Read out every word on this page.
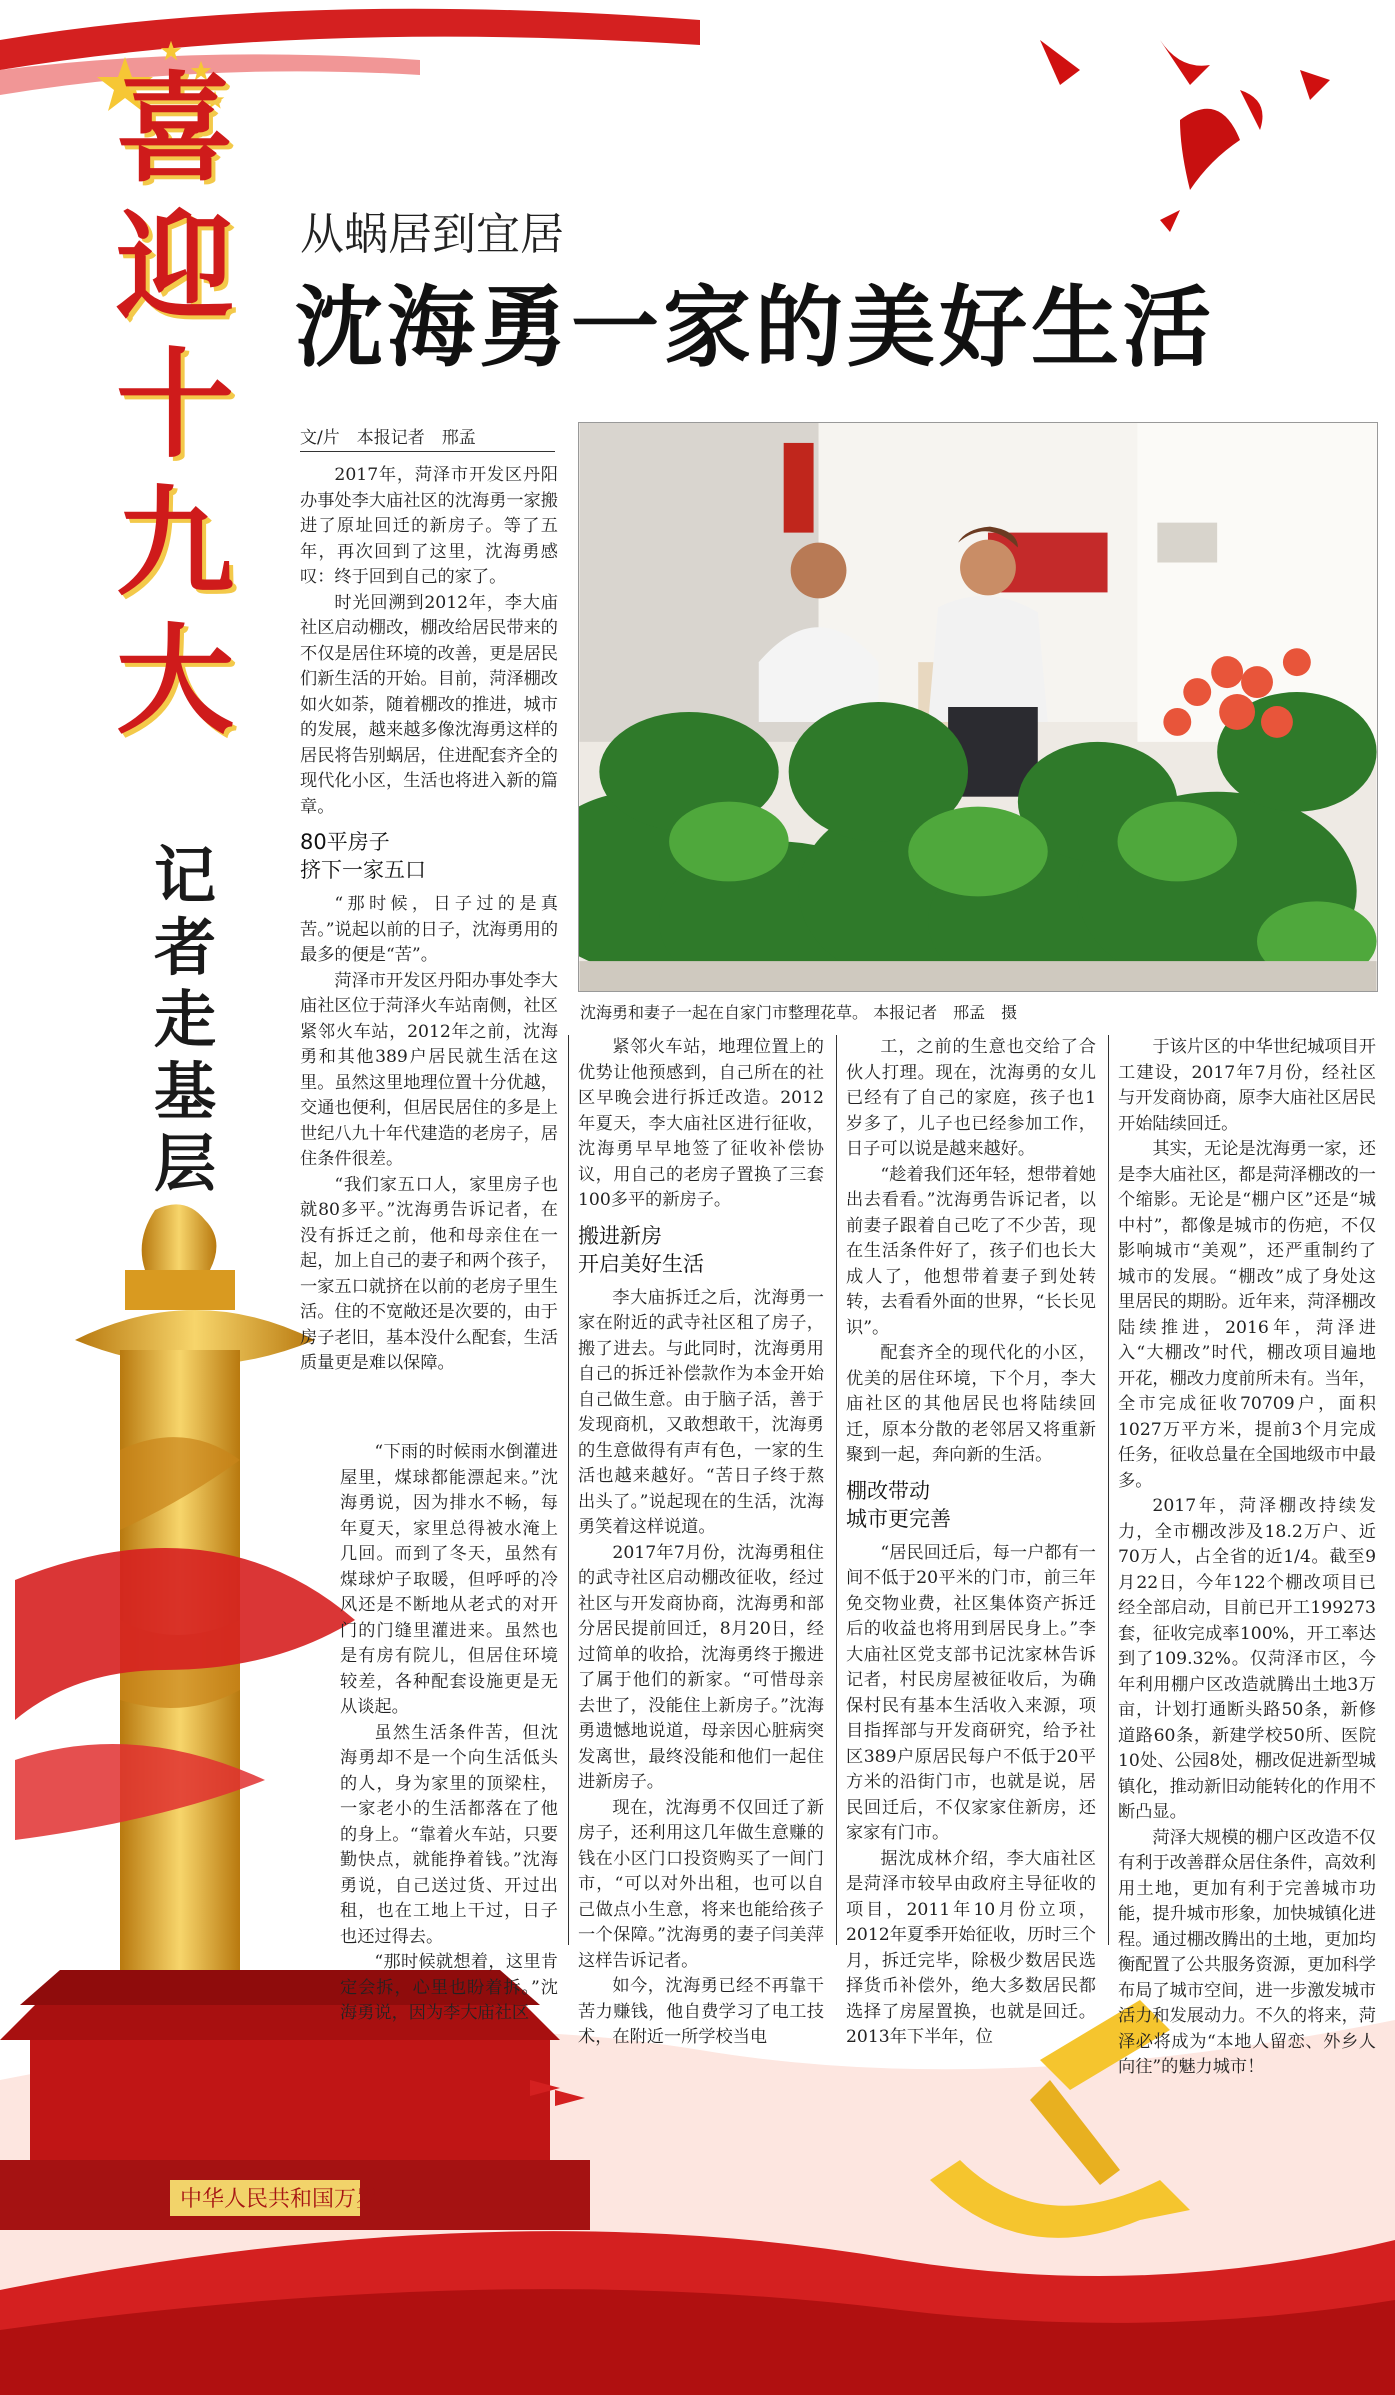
喜
迎
十
九
大
记
者
走
基
层
中华人民共和国万岁
从蜗居到宜居
沈海勇一家的美好生活
文/片　本报记者　邢孟
沈海勇和妻子一起在自家门市整理花草。 本报记者　邢孟　摄

2017年，菏泽市开发区丹阳办事处李大庙社区的沈海勇一家搬进了原址回迁的新房子。等了五年，再次回到了这里，沈海勇感叹：终于回到自己的家了。

时光回溯到2012年，李大庙社区启动棚改，棚改给居民带来的不仅是居住环境的改善，更是居民们新生活的开始。目前，菏泽棚改如火如荼，随着棚改的推进，城市的发展，越来越多像沈海勇这样的居民将告别蜗居，住进配套齐全的现代化小区，生活也将进入新的篇章。

80平房子
挤下一家五口

“那时候，日子过的是真苦。”说起以前的日子，沈海勇用的最多的便是“苦”。

菏泽市开发区丹阳办事处李大庙社区位于菏泽火车站南侧，社区紧邻火车站，2012年之前，沈海勇和其他389户居民就生活在这里。虽然这里地理位置十分优越，交通也便利，但居民居住的多是上世纪八九十年代建造的老房子，居住条件很差。

“我们家五口人，家里房子也就80多平。”沈海勇告诉记者，在没有拆迁之前，他和母亲住在一起，加上自己的妻子和两个孩子，一家五口就挤在以前的老房子里生活。住的不宽敞还是次要的，由于房子老旧，基本没什么配套，生活质量更是难以保障。

“下雨的时候雨水倒灌进屋里，煤球都能漂起来。”沈海勇说，因为排水不畅，每年夏天，家里总得被水淹上几回。而到了冬天，虽然有煤球炉子取暖，但呼呼的冷风还是不断地从老式的对开门的门缝里灌进来。虽然也是有房有院儿，但居住环境较差，各种配套设施更是无从谈起。

虽然生活条件苦，但沈海勇却不是一个向生活低头的人，身为家里的顶梁柱，一家老小的生活都落在了他的身上。“靠着火车站，只要勤快点，就能挣着钱。”沈海勇说，自己送过货、开过出租，也在工地上干过，日子也还过得去。

“那时候就想着，这里肯定会拆，心里也盼着拆。”沈海勇说，因为李大庙社区

紧邻火车站，地理位置上的优势让他预感到，自己所在的社区早晚会进行拆迁改造。2012年夏天，李大庙社区进行征收，沈海勇早早地签了征收补偿协议，用自己的老房子置换了三套100多平的新房子。

搬进新房
开启美好生活

李大庙拆迁之后，沈海勇一家在附近的武寺社区租了房子，搬了进去。与此同时，沈海勇用自己的拆迁补偿款作为本金开始自己做生意。由于脑子活，善于发现商机，又敢想敢干，沈海勇的生意做得有声有色，一家的生活也越来越好。“苦日子终于熬出头了。”说起现在的生活，沈海勇笑着这样说道。

2017年7月份，沈海勇租住的武寺社区启动棚改征收，经过社区与开发商协商，沈海勇和部分居民提前回迁，8月20日，经过简单的收拾，沈海勇终于搬进了属于他们的新家。“可惜母亲去世了，没能住上新房子。”沈海勇遗憾地说道，母亲因心脏病突发离世，最终没能和他们一起住进新房子。

现在，沈海勇不仅回迁了新房子，还利用这几年做生意赚的钱在小区门口投资购买了一间门市，“可以对外出租，也可以自己做点小生意，将来也能给孩子一个保障。”沈海勇的妻子闫美萍这样告诉记者。

如今，沈海勇已经不再靠干苦力赚钱，他自费学习了电工技术，在附近一所学校当电

工，之前的生意也交给了合伙人打理。现在，沈海勇的女儿已经有了自己的家庭，孩子也1岁多了，儿子也已经参加工作，日子可以说是越来越好。

“趁着我们还年轻，想带着她出去看看。”沈海勇告诉记者，以前妻子跟着自己吃了不少苦，现在生活条件好了，孩子们也长大成人了，他想带着妻子到处转转，去看看外面的世界，“长长见识”。

配套齐全的现代化的小区，优美的居住环境，下个月，李大庙社区的其他居民也将陆续回迁，原本分散的老邻居又将重新聚到一起，奔向新的生活。

棚改带动
城市更完善

“居民回迁后，每一户都有一间不低于20平米的门市，前三年免交物业费，社区集体资产拆迁后的收益也将用到居民身上。”李大庙社区党支部书记沈家林告诉记者，村民房屋被征收后，为确保村民有基本生活收入来源，项目指挥部与开发商研究，给予社区389户原居民每户不低于20平方米的沿街门市，也就是说，居民回迁后，不仅家家住新房，还家家有门市。

据沈成林介绍，李大庙社区是菏泽市较早由政府主导征收的项目，2011年10月份立项，2012年夏季开始征收，历时三个月，拆迁完毕，除极少数居民选择货币补偿外，绝大多数居民都选择了房屋置换，也就是回迁。2013年下半年，位

于该片区的中华世纪城项目开工建设，2017年7月份，经社区与开发商协商，原李大庙社区居民开始陆续回迁。

其实，无论是沈海勇一家，还是李大庙社区，都是菏泽棚改的一个缩影。无论是“棚户区”还是“城中村”，都像是城市的伤疤，不仅影响城市“美观”，还严重制约了城市的发展。“棚改”成了身处这里居民的期盼。近年来，菏泽棚改陆续推进，2016年，菏泽进入“大棚改”时代，棚改项目遍地开花，棚改力度前所未有。当年，全市完成征收70709户，面积1027万平方米，提前3个月完成任务，征收总量在全国地级市中最多。

2017年，菏泽棚改持续发力，全市棚改涉及18.2万户、近70万人，占全省的近1/4。截至9月22日，今年122个棚改项目已经全部启动，目前已开工199273套，征收完成率100%，开工率达到了109.32%。仅菏泽市区，今年利用棚户区改造就腾出土地3万亩，计划打通断头路50条，新修道路60条，新建学校50所、医院10处、公园8处，棚改促进新型城镇化，推动新旧动能转化的作用不断凸显。

菏泽大规模的棚户区改造不仅有利于改善群众居住条件，高效利用土地，更加有利于完善城市功能，提升城市形象，加快城镇化进程。通过棚改腾出的土地，更加均衡配置了公共服务资源，更加科学布局了城市空间，进一步激发城市活力和发展动力。不久的将来，菏泽必将成为“本地人留恋、外乡人向往”的魅力城市！
